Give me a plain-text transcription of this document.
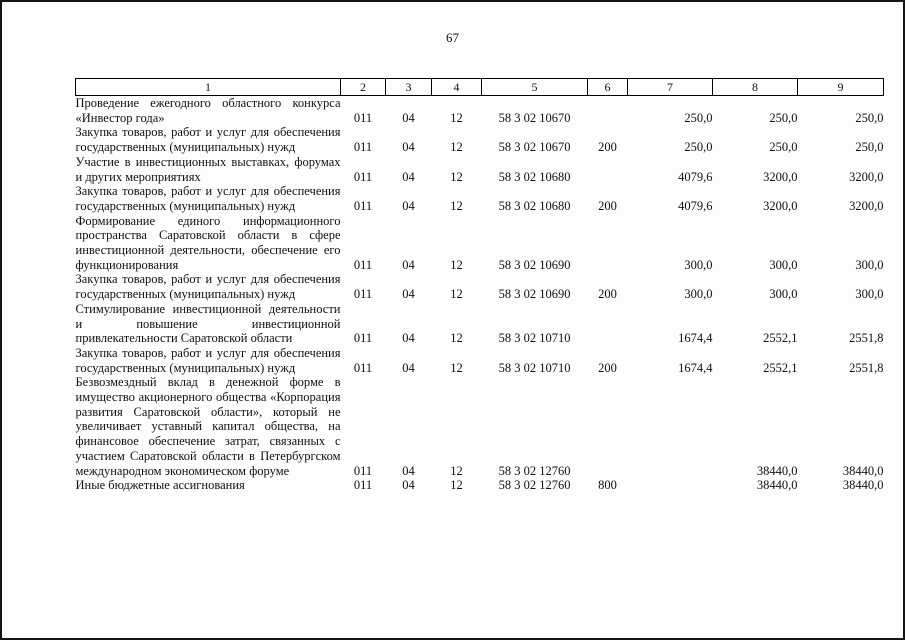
67
1	2	3	4	5	6	7	8	9
Проведение ежегодного областного конкурса «Инвестор года»	011	04	12	58 3 02 10670		250,0	250,0	250,0
Закупка товаров, работ и услуг для обеспечения государственных (муниципальных) нужд	011	04	12	58 3 02 10670	200	250,0	250,0	250,0
Участие в инвестиционных выставках, форумах и других мероприятиях	011	04	12	58 3 02 10680		4079,6	3200,0	3200,0
Закупка товаров, работ и услуг для обеспечения государственных (муниципальных) нужд	011	04	12	58 3 02 10680	200	4079,6	3200,0	3200,0
Формирование единого информационного пространства Саратовской области в сфере инвестиционной деятельности, обеспечение его функционирования	011	04	12	58 3 02 10690		300,0	300,0	300,0
Закупка товаров, работ и услуг для обеспечения государственных (муниципальных) нужд	011	04	12	58 3 02 10690	200	300,0	300,0	300,0
Стимулирование инвестиционной деятельности и повышение инвестиционной привлекательности Саратовской области	011	04	12	58 3 02 10710		1674,4	2552,1	2551,8
Закупка товаров, работ и услуг для обеспечения государственных (муниципальных) нужд	011	04	12	58 3 02 10710	200	1674,4	2552,1	2551,8
Безвозмездный вклад в денежной форме в имущество акционерного общества «Корпорация развития Саратовской области», который не увеличивает уставный капитал общества, на финансовое обеспечение затрат, связанных с участием Саратовской области в Петербургском международном экономическом форуме	011	04	12	58 3 02 12760			38440,0	38440,0
Иные бюджетные ассигнования	011	04	12	58 3 02 12760	800		38440,0	38440,0
